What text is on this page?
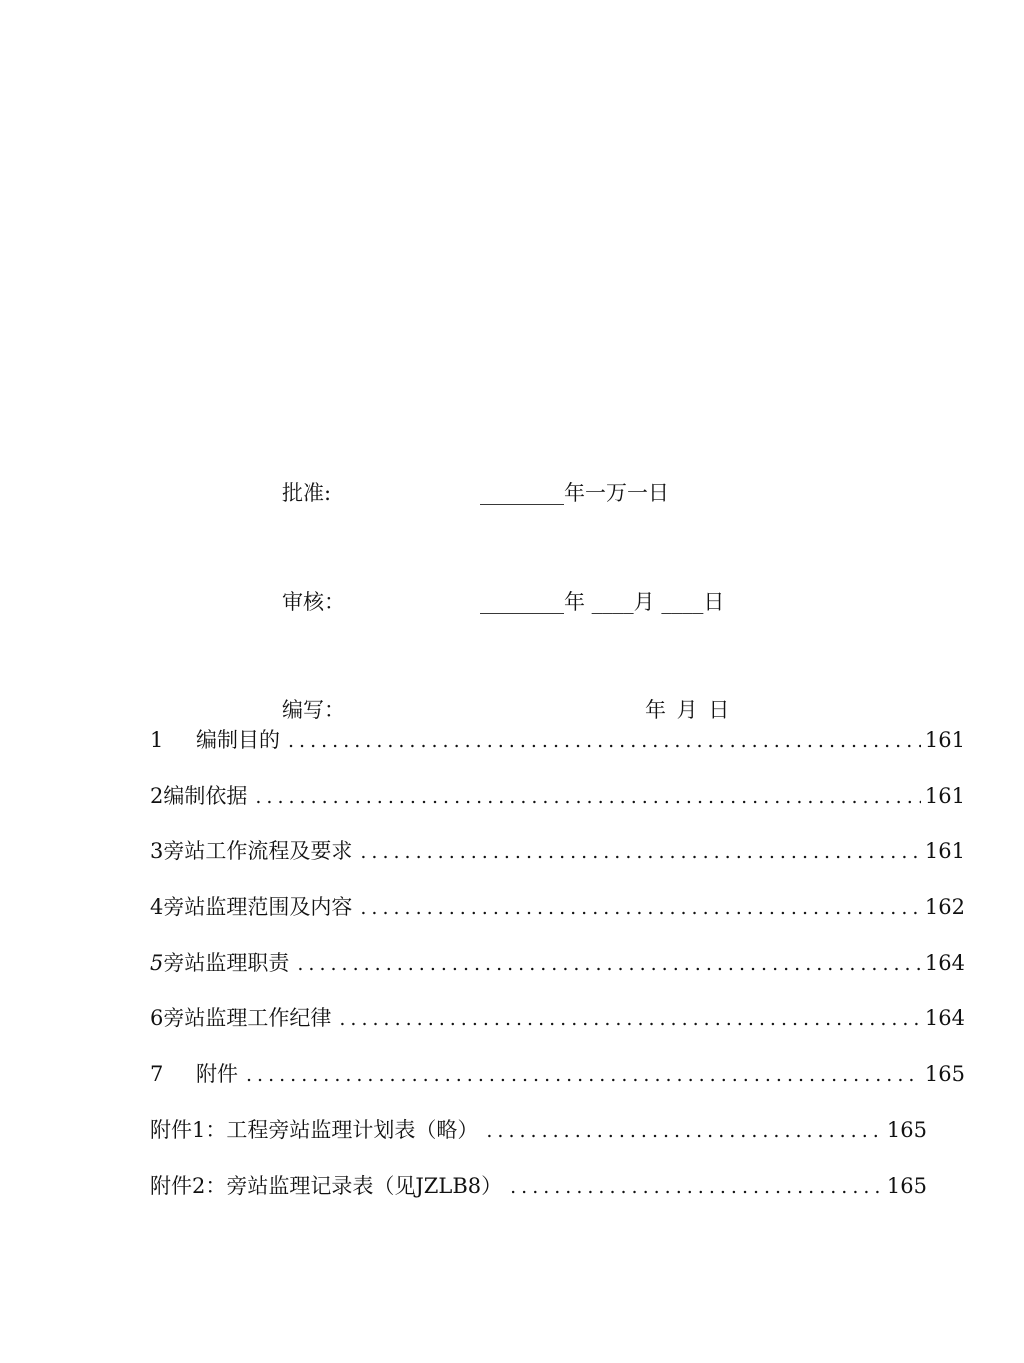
批准:	________年一万一日
审核：	________年 ____月 ____日
编写：	年 月 日
1	编制目的 .....	161
2 编制依据 .....	161
3 旁站工作流程及要求 .....	161
4 旁站监理范围及内容 .....	162
5 旁站监理职责 .....	164
6 旁站监理工作纪律 .....	164
7	附件 .....	165
附件1：工程旁站监理计划表（略） .....	165
附件2：旁站监理记录表（见JZLB8） .....	165
